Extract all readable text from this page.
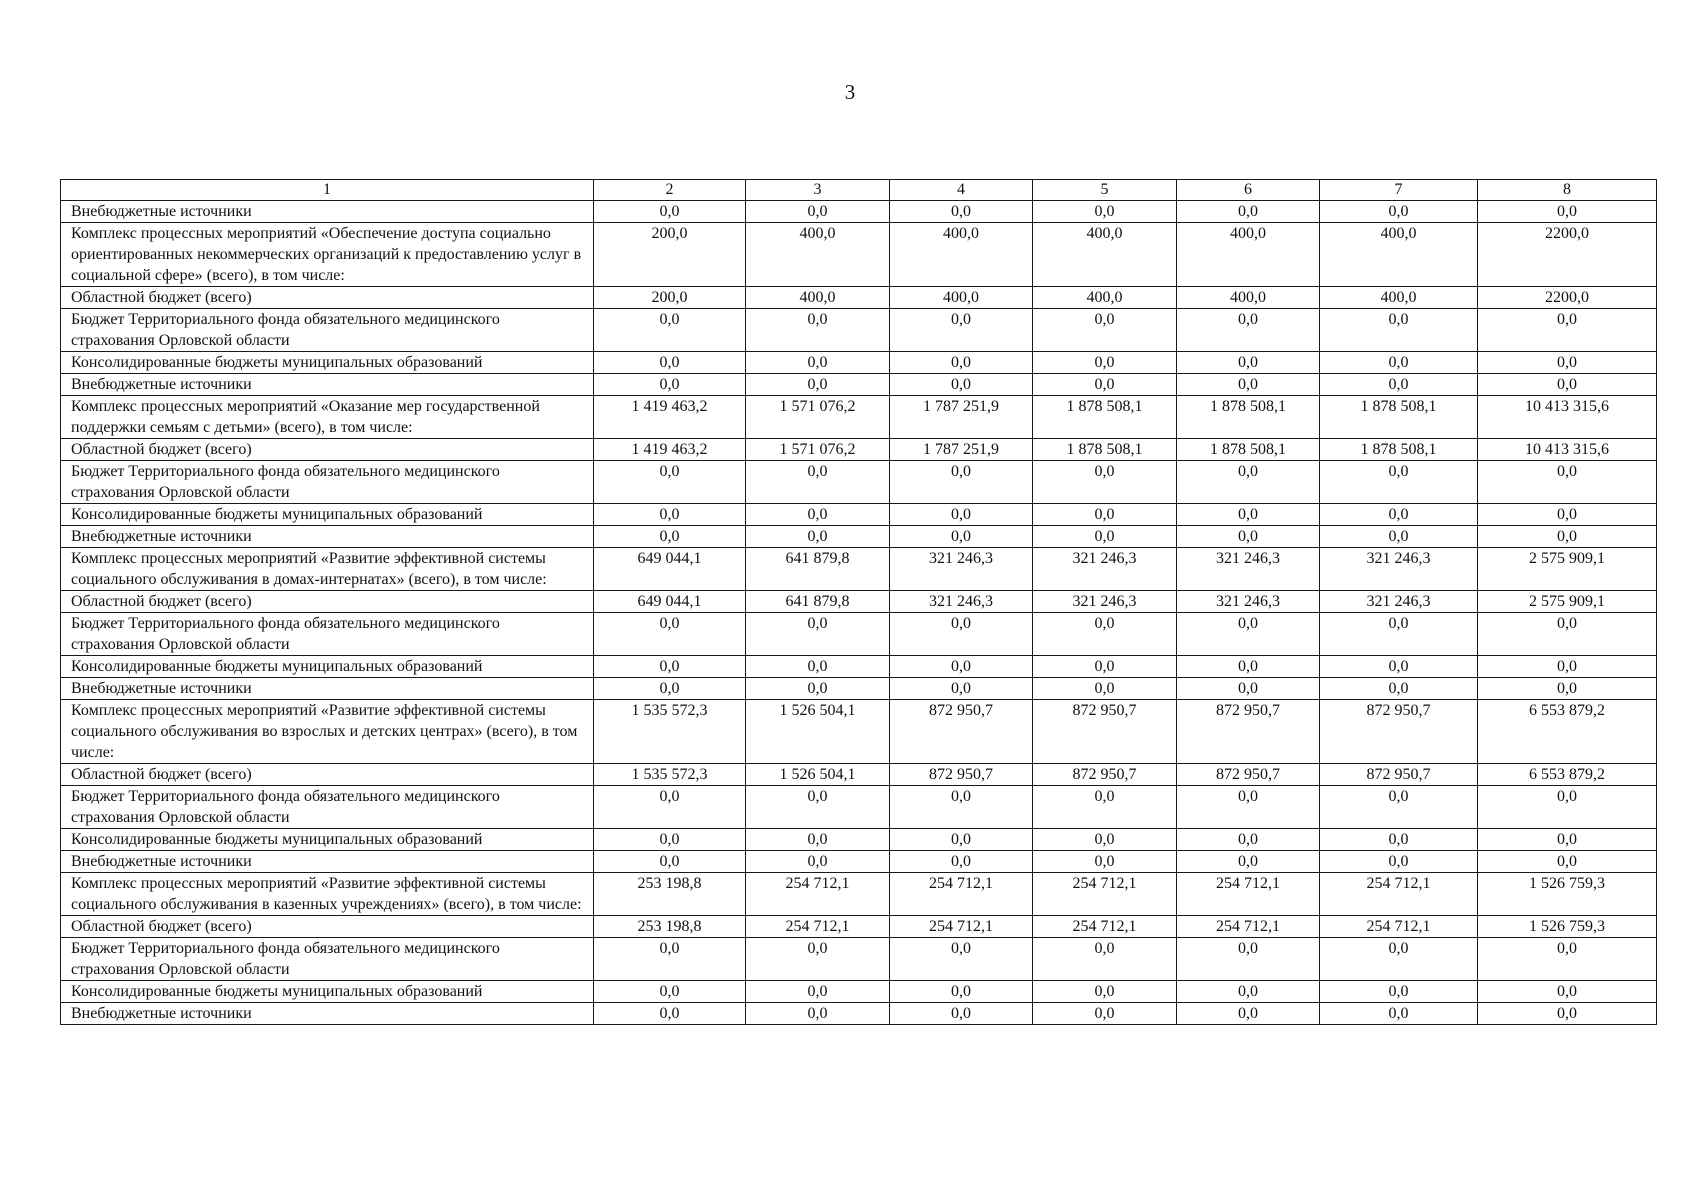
3
1	2	3	4	5	6	7	8
Внебюджетные источники	0,0	0,0	0,0	0,0	0,0	0,0	0,0
Комплекс процессных мероприятий «Обеспечение доступа социально ориентированных некоммерческих организаций к предоставлению услуг в социальной сфере» (всего), в том числе:	200,0	400,0	400,0	400,0	400,0	400,0	2200,0
Областной бюджет (всего)	200,0	400,0	400,0	400,0	400,0	400,0	2200,0
Бюджет Территориального фонда обязательного медицинского страхования Орловской области	0,0	0,0	0,0	0,0	0,0	0,0	0,0
Консолидированные бюджеты муниципальных образований	0,0	0,0	0,0	0,0	0,0	0,0	0,0
Внебюджетные источники	0,0	0,0	0,0	0,0	0,0	0,0	0,0
Комплекс процессных мероприятий «Оказание мер государственной поддержки семьям с детьми» (всего), в том числе:	1 419 463,2	1 571 076,2	1 787 251,9	1 878 508,1	1 878 508,1	1 878 508,1	10 413 315,6
Областной бюджет (всего)	1 419 463,2	1 571 076,2	1 787 251,9	1 878 508,1	1 878 508,1	1 878 508,1	10 413 315,6
Бюджет Территориального фонда обязательного медицинского страхования Орловской области	0,0	0,0	0,0	0,0	0,0	0,0	0,0
Консолидированные бюджеты муниципальных образований	0,0	0,0	0,0	0,0	0,0	0,0	0,0
Внебюджетные источники	0,0	0,0	0,0	0,0	0,0	0,0	0,0
Комплекс процессных мероприятий «Развитие эффективной системы социального обслуживания в домах-интернатах» (всего), в том числе:	649 044,1	641 879,8	321 246,3	321 246,3	321 246,3	321 246,3	2 575 909,1
Областной бюджет (всего)	649 044,1	641 879,8	321 246,3	321 246,3	321 246,3	321 246,3	2 575 909,1
Бюджет Территориального фонда обязательного медицинского страхования Орловской области	0,0	0,0	0,0	0,0	0,0	0,0	0,0
Консолидированные бюджеты муниципальных образований	0,0	0,0	0,0	0,0	0,0	0,0	0,0
Внебюджетные источники	0,0	0,0	0,0	0,0	0,0	0,0	0,0
Комплекс процессных мероприятий «Развитие эффективной системы социального обслуживания во взрослых и детских центрах» (всего), в том числе:	1 535 572,3	1 526 504,1	872 950,7	872 950,7	872 950,7	872 950,7	6 553 879,2
Областной бюджет (всего)	1 535 572,3	1 526 504,1	872 950,7	872 950,7	872 950,7	872 950,7	6 553 879,2
Бюджет Территориального фонда обязательного медицинского страхования Орловской области	0,0	0,0	0,0	0,0	0,0	0,0	0,0
Консолидированные бюджеты муниципальных образований	0,0	0,0	0,0	0,0	0,0	0,0	0,0
Внебюджетные источники	0,0	0,0	0,0	0,0	0,0	0,0	0,0
Комплекс процессных мероприятий «Развитие эффективной системы социального обслуживания в казенных учреждениях» (всего), в том числе:	253 198,8	254 712,1	254 712,1	254 712,1	254 712,1	254 712,1	1 526 759,3
Областной бюджет (всего)	253 198,8	254 712,1	254 712,1	254 712,1	254 712,1	254 712,1	1 526 759,3
Бюджет Территориального фонда обязательного медицинского страхования Орловской области	0,0	0,0	0,0	0,0	0,0	0,0	0,0
Консолидированные бюджеты муниципальных образований	0,0	0,0	0,0	0,0	0,0	0,0	0,0
Внебюджетные источники	0,0	0,0	0,0	0,0	0,0	0,0	0,0
